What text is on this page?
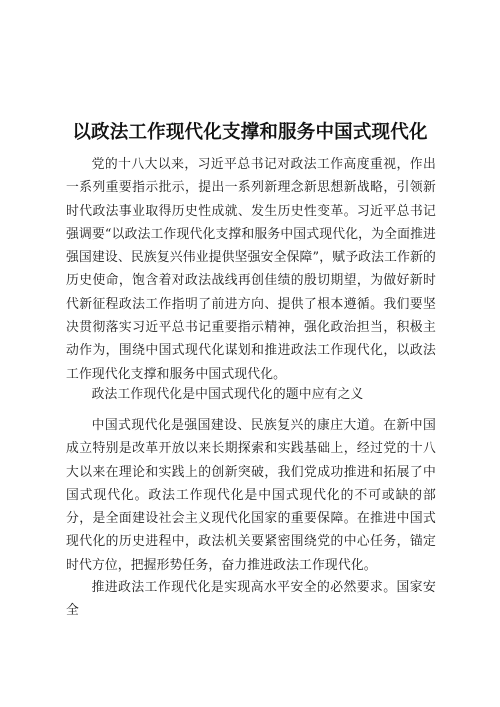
以政法工作现代化支撑和服务中国式现代化

党的十八大以来，习近平总书记对政法工作高度重视，作出一系列重要指示批示，提出一系列新理念新思想新战略，引领新时代政法事业取得历史性成就、发生历史性变革。习近平总书记强调要“以政法工作现代化支撑和服务中国式现代化，为全面推进强国建设、民族复兴伟业提供坚强安全保障”，赋予政法工作新的历史使命，饱含着对政法战线再创佳绩的殷切期望，为做好新时代新征程政法工作指明了前进方向、提供了根本遵循。我们要坚决贯彻落实习近平总书记重要指示精神，强化政治担当，积极主动作为，围绕中国式现代化谋划和推进政法工作现代化，以政法工作现代化支撑和服务中国式现代化。

政法工作现代化是中国式现代化的题中应有之义

中国式现代化是强国建设、民族复兴的康庄大道。在新中国成立特别是改革开放以来长期探索和实践基础上，经过党的十八大以来在理论和实践上的创新突破，我们党成功推进和拓展了中国式现代化。政法工作现代化是中国式现代化的不可或缺的部分，是全面建设社会主义现代化国家的重要保障。在推进中国式现代化的历史进程中，政法机关要紧密围绕党的中心任务，锚定时代方位，把握形势任务，奋力推进政法工作现代化。

推进政法工作现代化是实现高水平安全的必然要求。国家安全
